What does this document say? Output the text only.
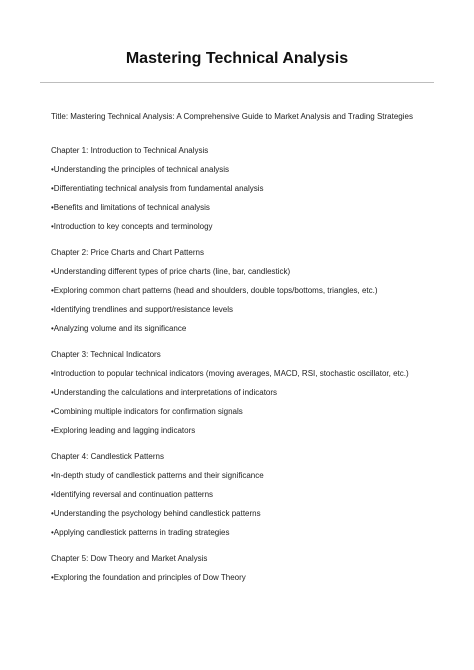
Mastering Technical Analysis

Title: Mastering Technical Analysis: A Comprehensive Guide to Market Analysis and Trading Strategies

Chapter 1: Introduction to Technical Analysis

•Understanding the principles of technical analysis

•Differentiating technical analysis from fundamental analysis

•Benefits and limitations of technical analysis

•Introduction to key concepts and terminology

Chapter 2: Price Charts and Chart Patterns

•Understanding different types of price charts (line, bar, candlestick)

•Exploring common chart patterns (head and shoulders, double tops/bottoms, triangles, etc.)

•Identifying trendlines and support/resistance levels

•Analyzing volume and its significance

Chapter 3: Technical Indicators

•Introduction to popular technical indicators (moving averages, MACD, RSI, stochastic oscillator, etc.)

•Understanding the calculations and interpretations of indicators

•Combining multiple indicators for confirmation signals

•Exploring leading and lagging indicators

Chapter 4: Candlestick Patterns

•In-depth study of candlestick patterns and their significance

•Identifying reversal and continuation patterns

•Understanding the psychology behind candlestick patterns

•Applying candlestick patterns in trading strategies

Chapter 5: Dow Theory and Market Analysis

•Exploring the foundation and principles of Dow Theory
